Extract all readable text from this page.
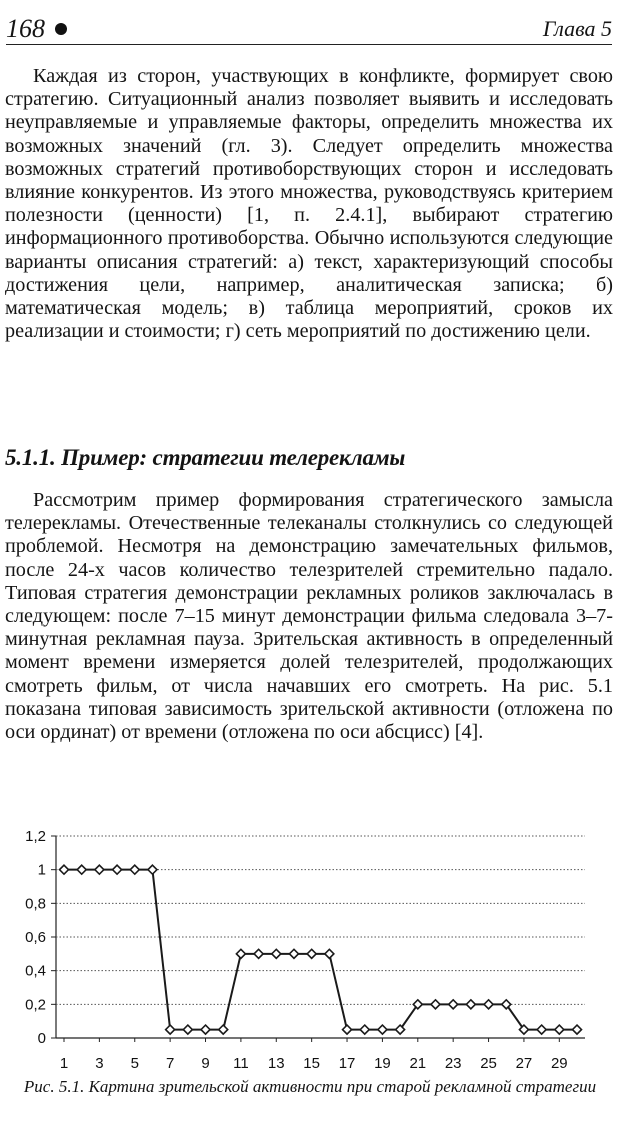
168	Глава 5

Каждая из сторон, участвующих в конфликте, формирует свою стратегию. Ситуационный анализ позволяет выявить и исследовать неуправляемые и управляемые факторы, определить множества их возможных значений (гл. 3). Следует определить множества возможных стратегий противоборствующих сторон и исследовать влияние конкурентов. Из этого множества, руководствуясь критерием полезности (ценности) [1, п. 2.4.1], выбирают стратегию информационного противоборства. Обычно используются следующие варианты описания стратегий: а) текст, характеризующий способы достижения цели, например, аналитическая записка; б) математическая модель; в) таблица мероприятий, сроков их реализации и стоимости; г) сеть мероприятий по достижению цели.

5.1.1. Пример: стратегии телерекламы

Рассмотрим пример формирования стратегического замысла телерекламы. Отечественные телеканалы столкнулись со следующей проблемой. Несмотря на демонстрацию замечательных фильмов, после 24-х часов количество телезрителей стремительно падало. Типовая стратегия демонстрации рекламных роликов заключалась в следующем: после 7–15 минут демонстрации фильма следовала 3–7-минутная рекламная пауза. Зрительская активность в определенный момент времени измеряется долей телезрителей, продолжающих смотреть фильм, от числа начавших его смотреть. На рис. 5.1 показана типовая зависимость зрительской активности (отложена по оси ординат) от времени (отложена по оси абсцисс) [4].

0
0,2
0,4
0,6
0,8
1
1,2
1 3 5 7 9 11 13 15 17 19 21 23 25 27 29

Рис. 5.1. Картина зрительской активности при старой рекламной стратегии
